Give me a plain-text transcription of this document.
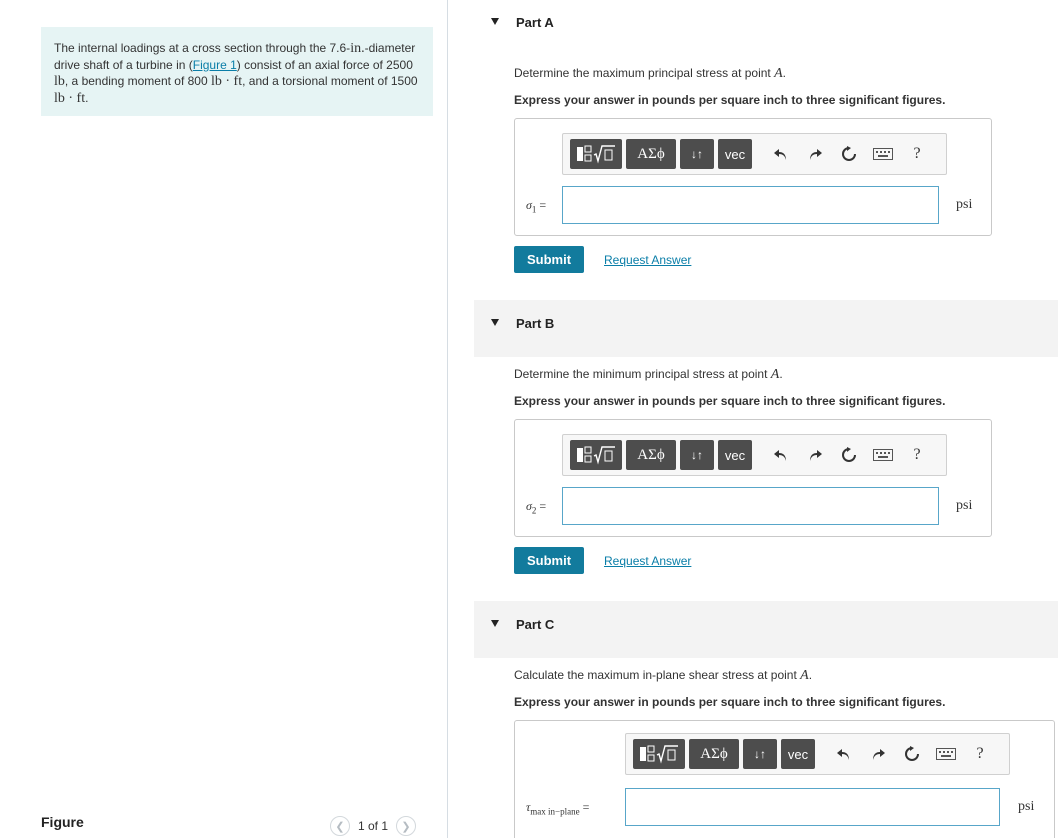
The internal loadings at a cross section through the 7.6-in.-diameter drive shaft of a turbine in (Figure 1) consist of an axial force of 2500 lb, a bending moment of 800 lb · ft, and a torsional moment of 1500 lb · ft.
Figure	❮	1 of 1	❯
Part A
Determine the maximum principal stress at point A.
Express your answer in pounds per square inch to three significant figures.
ΑΣϕ	↓↑	vec	?
$\sigma_1$ =	psi
Submit	Request Answer
Part B
Determine the minimum principal stress at point A.
Express your answer in pounds per square inch to three significant figures.
ΑΣϕ	↓↑	vec	?
$\sigma_2$ =	psi
Submit	Request Answer
Part C
Calculate the maximum in-plane shear stress at point A.
Express your answer in pounds per square inch to three significant figures.
ΑΣϕ	↓↑	vec	?
$\tau_{max in-plane}$ =	psi
